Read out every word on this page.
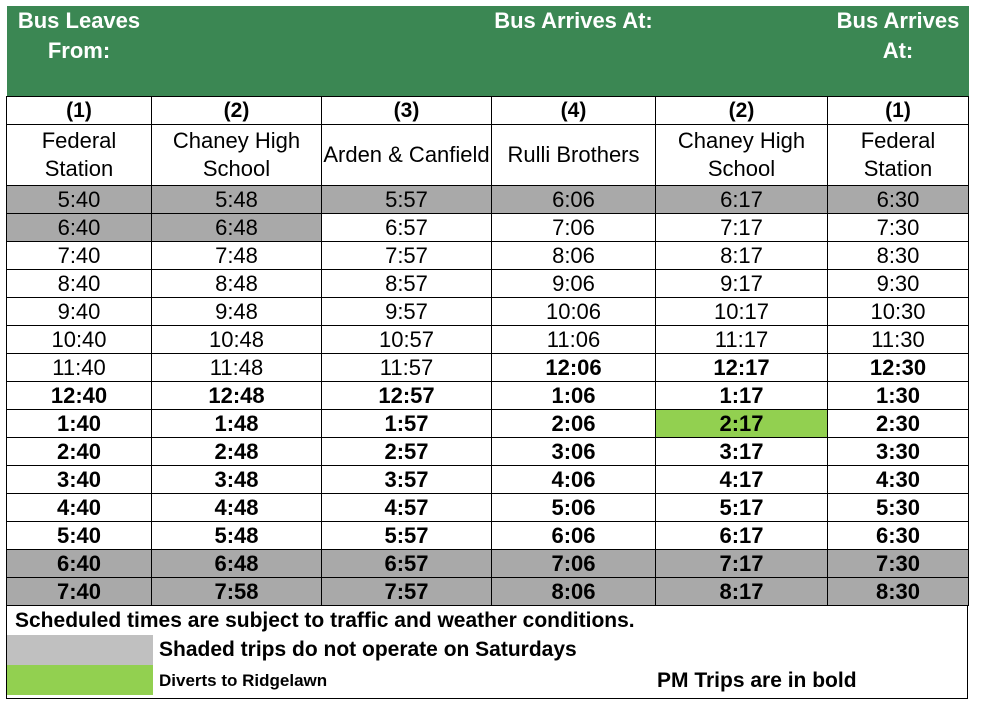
Bus Leaves From:			Bus Arrives At:		Bus Arrives At:
(1)	(2)	(3)	(4)	(2)	(1)
Federal Station	Chaney High School	Arden & Canfield	Rulli Brothers	Chaney High School	Federal Station
5:40	5:48	5:57	6:06	6:17	6:30
6:40	6:48	6:57	7:06	7:17	7:30
7:40	7:48	7:57	8:06	8:17	8:30
8:40	8:48	8:57	9:06	9:17	9:30
9:40	9:48	9:57	10:06	10:17	10:30
10:40	10:48	10:57	11:06	11:17	11:30
11:40	11:48	11:57	12:06	12:17	12:30
12:40	12:48	12:57	1:06	1:17	1:30
1:40	1:48	1:57	2:06	2:17	2:30
2:40	2:48	2:57	3:06	3:17	3:30
3:40	3:48	3:57	4:06	4:17	4:30
4:40	4:48	4:57	5:06	5:17	5:30
5:40	5:48	5:57	6:06	6:17	6:30
6:40	6:48	6:57	7:06	7:17	7:30
7:40	7:58	7:57	8:06	8:17	8:30
Scheduled times are subject to traffic and weather conditions.
Shaded trips do not operate on Saturdays
Diverts to Ridgelawn	PM Trips are in bold
